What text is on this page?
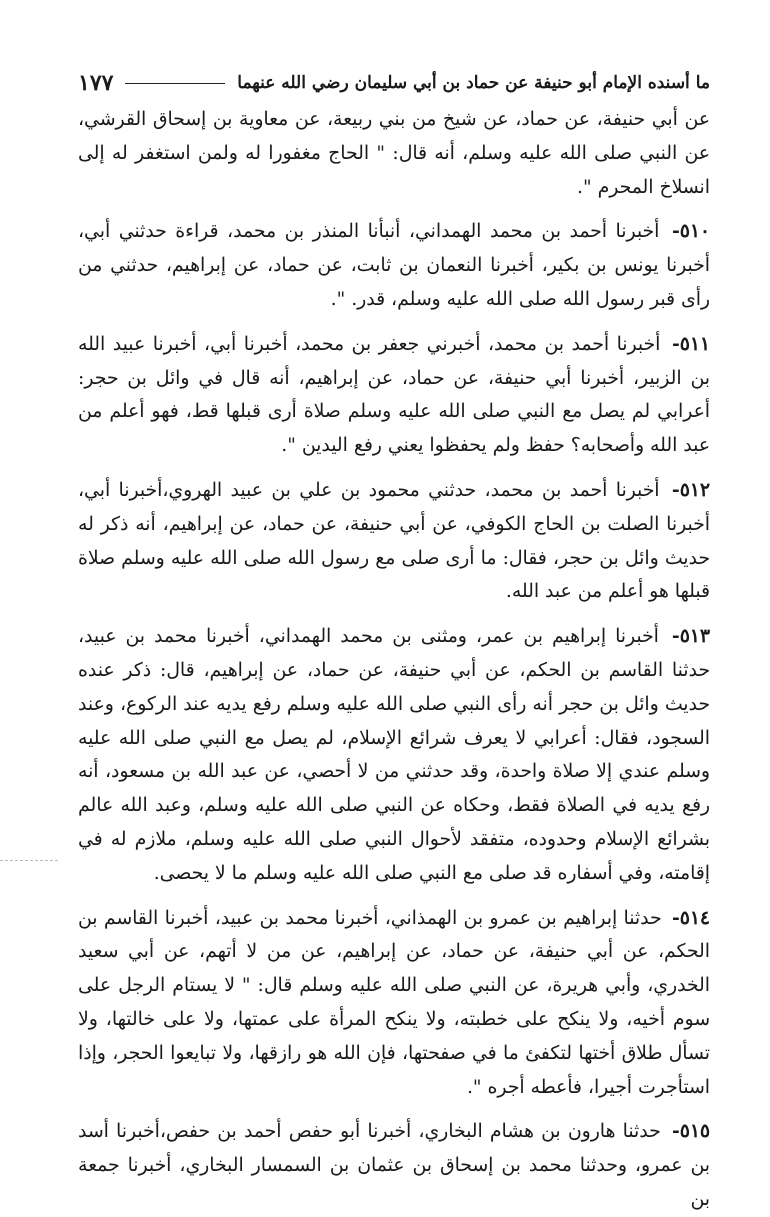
ما أسنده الإمام أبو حنيفة عن حماد بن أبي سليمان رضي الله عنهما
١٧٧

عن أبي حنيفة، عن حماد، عن شيخ من بني ربيعة، عن معاوية بن إسحاق القرشي، عن النبي صلى الله عليه وسلم، أنه قال: " الحاج مغفورا له ولمن استغفر له إلى انسلاخ المحرم ".

٥١٠- أخبرنا أحمد بن محمد الهمداني، أنبأنا المنذر بن محمد، قراءة حدثني أبي، أخبرنا يونس بن بكير، أخبرنا النعمان بن ثابت، عن حماد، عن إبراهيم، حدثني من رأى قبر رسول الله صلى الله عليه وسلم، قدر. ".

٥١١- أخبرنا أحمد بن محمد، أخبرني جعفر بن محمد، أخبرنا أبي، أخبرنا عبيد الله بن الزبير، أخبرنا أبي حنيفة، عن حماد، عن إبراهيم، أنه قال في وائل بن حجر: أعرابي لم يصل مع النبي صلى الله عليه وسلم صلاة أرى قبلها قط، فهو أعلم من عبد الله وأصحابه؟ حفظ ولم يحفظوا يعني رفع اليدين ".

٥١٢- أخبرنا أحمد بن محمد، حدثني محمود بن علي بن عبيد الهروي،أخبرنا أبي، أخبرنا الصلت بن الحاج الكوفي، عن أبي حنيفة، عن حماد، عن إبراهيم، أنه ذكر له حديث وائل بن حجر، فقال: ما أرى صلى مع رسول الله صلى الله عليه وسلم صلاة قبلها هو أعلم من عبد الله.

٥١٣- أخبرنا إبراهيم بن عمر، ومثنى بن محمد الهمداني، أخبرنا محمد بن عبيد، حدثنا القاسم بن الحكم، عن أبي حنيفة، عن حماد، عن إبراهيم، قال: ذكر عنده حديث وائل بن حجر أنه رأى النبي صلى الله عليه وسلم رفع يديه عند الركوع، وعند السجود، فقال: أعرابي لا يعرف شرائع الإسلام، لم يصل مع النبي صلى الله عليه وسلم عندي إلا صلاة واحدة، وقد حدثني من لا أحصي، عن عبد الله بن مسعود، أنه رفع يديه في الصلاة فقط، وحكاه عن النبي صلى الله عليه وسلم، وعبد الله عالم بشرائع الإسلام وحدوده، متفقد لأحوال النبي صلى الله عليه وسلم، ملازم له في إقامته، وفي أسفاره قد صلى مع النبي صلى الله عليه وسلم ما لا يحصى.

٥١٤- حدثنا إبراهيم بن عمرو بن الهمذاني، أخبرنا محمد بن عبيد، أخبرنا القاسم بن الحكم، عن أبي حنيفة، عن حماد، عن إبراهيم، عن من لا أتهم، عن أبي سعيد الخدري، وأبي هريرة، عن النبي صلى الله عليه وسلم قال: " لا يستام الرجل على سوم أخيه، ولا ينكح على خطبته، ولا ينكح المرأة على عمتها، ولا على خالتها، ولا تسأل طلاق أختها لتكفئ ما في صفحتها، فإن الله هو رازقها، ولا تبايعوا الحجر، وإذا استأجرت أجيرا، فأعطه أجره ".

٥١٥- حدثنا هارون بن هشام البخاري، أخبرنا أبو حفص أحمد بن حفص،أخبرنا أسد بن عمرو، وحدثنا محمد بن إسحاق بن عثمان بن السمسار البخاري، أخبرنا جمعة بن
